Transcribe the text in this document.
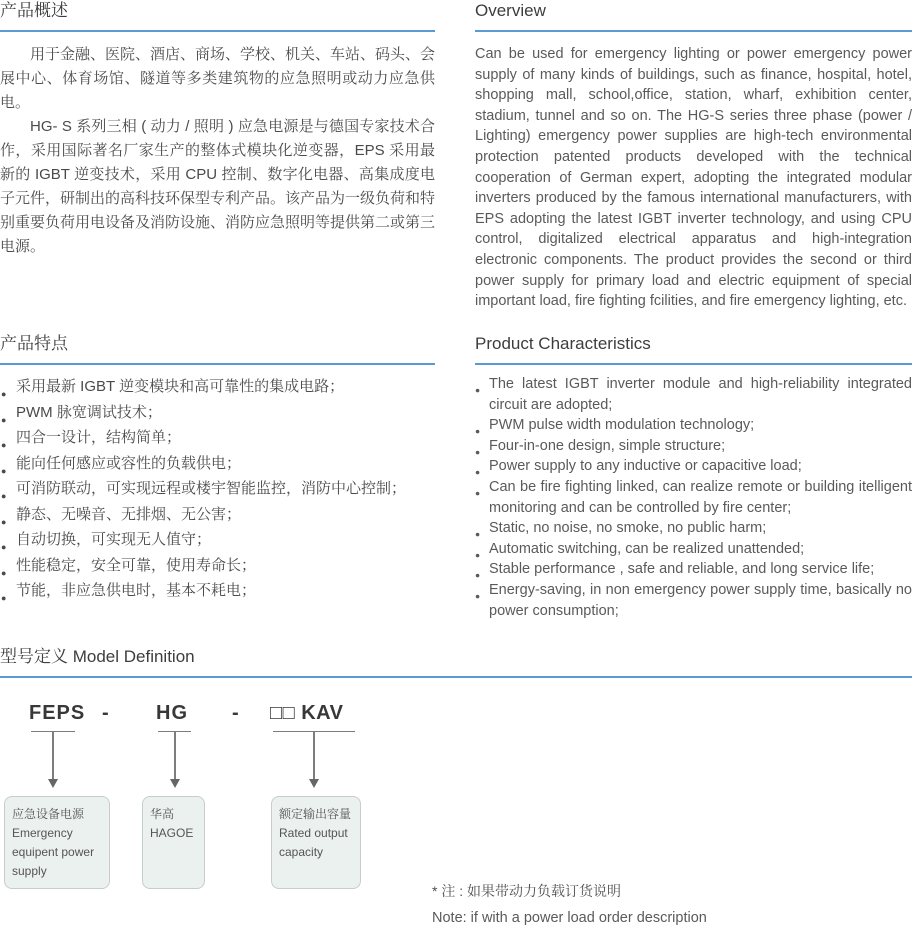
产品概述

用于金融、医院、酒店、商场、学校、机关、车站、码头、会展中心、体育场馆、隧道等多类建筑物的应急照明或动力应急供电。

HG- S 系列三相 ( 动力 / 照明 ) 应急电源是与德国专家技术合作，采用国际著名厂家生产的整体式模块化逆变器，EPS 采用最新的 IGBT 逆变技术，采用 CPU 控制、数字化电器、高集成度电子元件，研制出的高科技环保型专利产品。该产品为一级负荷和特别重要负荷用电设备及消防设施、消防应急照明等提供第二或第三电源。

Overview

Can be used for emergency lighting or power emergency power supply of many kinds of buildings, such as finance, hospital, hotel, shopping mall, school,office, station, wharf, exhibition center, stadium, tunnel and so on. The HG-S series three phase (power / Lighting) emergency power supplies are high-tech environmental protection patented products developed with the technical cooperation of German expert, adopting the integrated modular inverters produced by the famous international manufacturers, with EPS adopting the latest IGBT inverter technology, and using CPU control, digitalized electrical apparatus and high-integration electronic components. The product provides the second or third power supply for primary load and electric equipment of special important load, fire fighting fcilities, and fire emergency lighting, etc.

产品特点
● 采用最新 IGBT 逆变模块和高可靠性的集成电路；
● PWM 脉宽调试技术；
● 四合一设计，结构简单；
● 能向任何感应或容性的负载供电；
● 可消防联动，可实现远程或楼宇智能监控，消防中心控制；
● 静态、无噪音、无排烟、无公害；
● 自动切换，可实现无人值守；
● 性能稳定，安全可靠，使用寿命长；
● 节能，非应急供电时，基本不耗电；
Product Characteristics
● The latest IGBT inverter module and high-reliability integrated circuit are adopted;
● PWM pulse width modulation technology;
● Four-in-one design, simple structure;
● Power supply to any inductive or capacitive load;
● Can be fire fighting linked, can realize remote or building itelligent monitoring and can be controlled by fire center;
● Static, no noise, no smoke, no public harm;
● Automatic switching, can be realized unattended;
● Stable performance , safe and reliable, and long service life;
● Energy-saving, in non emergency power supply time, basically no power consumption;
型号定义 Model Definition
FEPS - HG - □□ KAV
应急设备电源
Emergency
equipent power
supply
华高
HAGOE
额定输出容量
Rated output
capacity
* 注 : 如果带动力负载订货说明
Note: if with a power load order description
